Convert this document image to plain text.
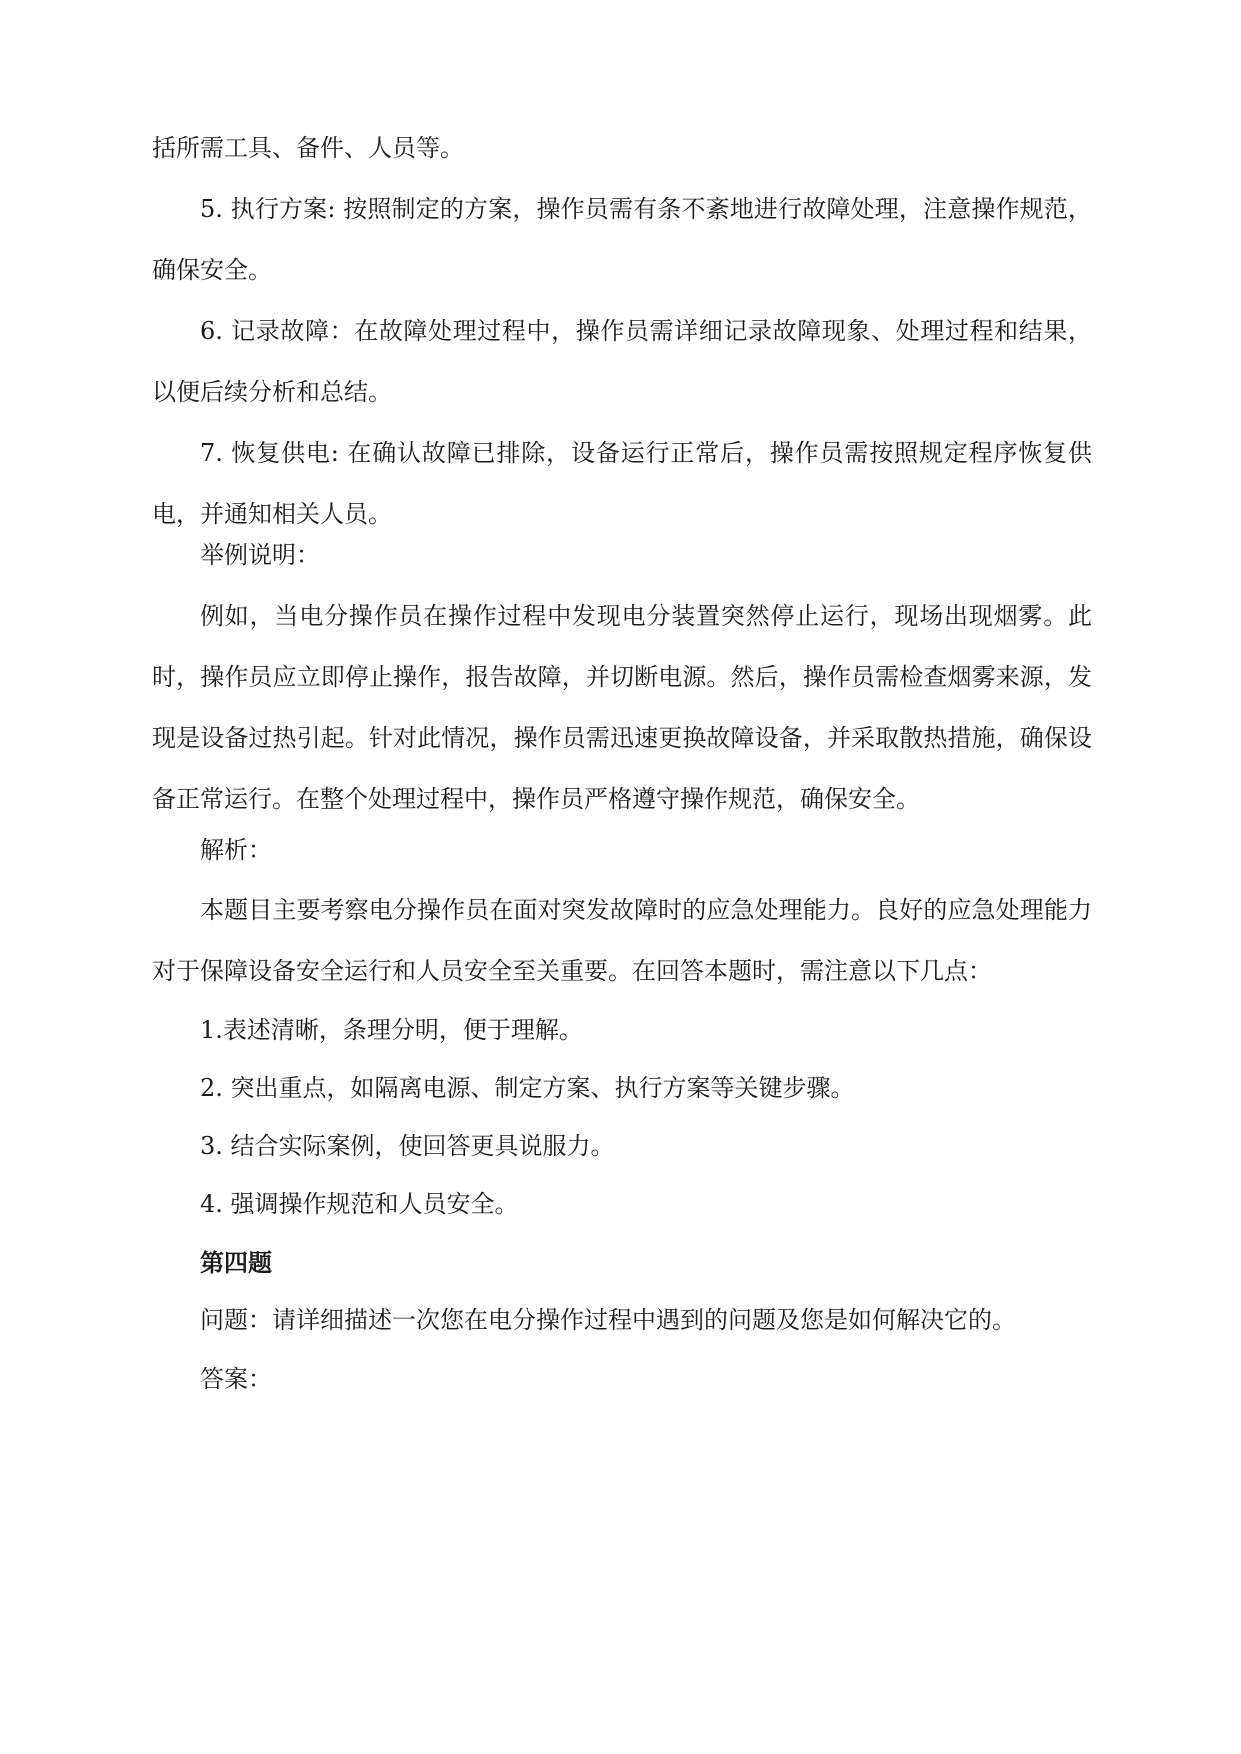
括所需工具、备件、人员等。

5. 执行方案: 按照制定的方案，操作员需有条不紊地进行故障处理，注意操作规范，确保安全。

6. 记录故障：在故障处理过程中，操作员需详细记录故障现象、处理过程和结果，以便后续分析和总结。

7. 恢复供电: 在确认故障已排除，设备运行正常后，操作员需按照规定程序恢复供电，并通知相关人员。

举例说明：

例如，当电分操作员在操作过程中发现电分装置突然停止运行，现场出现烟雾。此时，操作员应立即停止操作，报告故障，并切断电源。然后，操作员需检查烟雾来源，发现是设备过热引起。针对此情况，操作员需迅速更换故障设备，并采取散热措施，确保设备正常运行。在整个处理过程中，操作员严格遵守操作规范，确保安全。

解析：

本题目主要考察电分操作员在面对突发故障时的应急处理能力。良好的应急处理能力对于保障设备安全运行和人员安全至关重要。在回答本题时，需注意以下几点：

1.表述清晰，条理分明，便于理解。

2. 突出重点，如隔离电源、制定方案、执行方案等关键步骤。

3. 结合实际案例，使回答更具说服力。

4. 强调操作规范和人员安全。

第四题

问题：请详细描述一次您在电分操作过程中遇到的问题及您是如何解决它的。

答案：
